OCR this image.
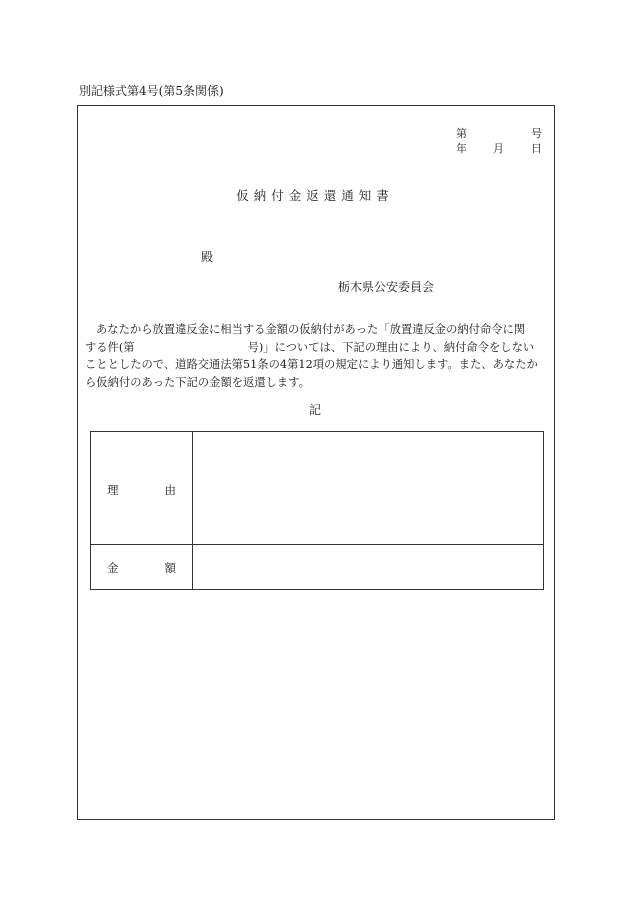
別記様式第4号(第5条関係)
第	号
年 月 日
仮納付金返還通知書
殿
栃木県公安委員会
あなたから放置違反金に相当する金額の仮納付があった「放置違反金の納付命令に関
する件(第　　　　　　　　　　号)」については、下記の理由により、納付命令をしない
こととしたので、道路交通法第51条の4第12項の規定により通知します。また、あなたか
ら仮納付のあった下記の金額を返還します。
記
理 由	

金 額	
